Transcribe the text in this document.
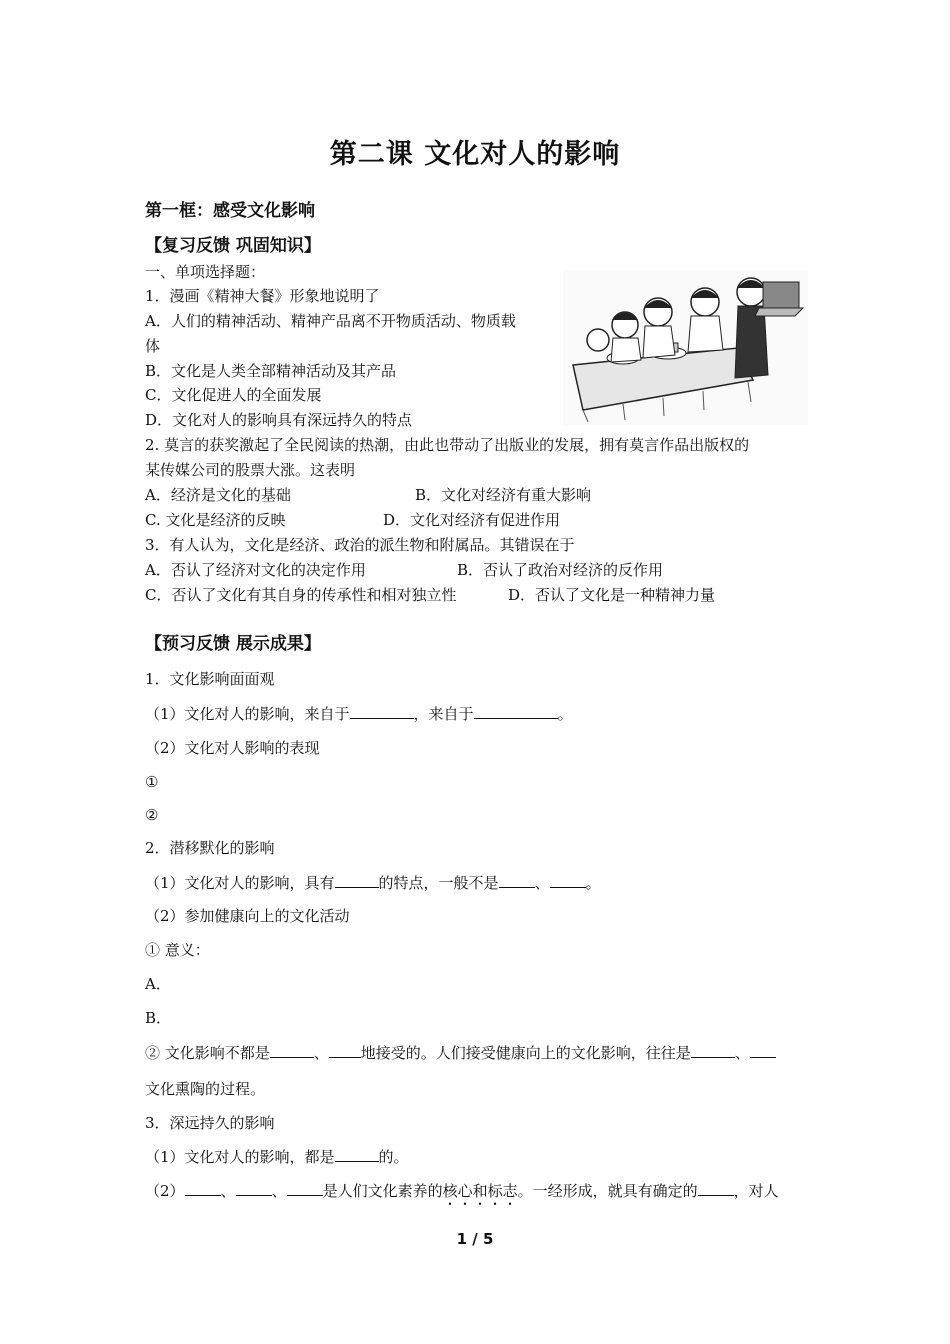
第二课 文化对人的影响
第一框：感受文化影响
【复习反馈 巩固知识】
一、单项选择题：
1．漫画《精神大餐》形象地说明了
A．人们的精神活动、精神产品离不开物质活动、物质载
体
B．文化是人类全部精神活动及其产品
C．文化促进人的全面发展
D．文化对人的影响具有深远持久的特点
2. 莫言的获奖激起了全民阅读的热潮，由此也带动了出版业的发展，拥有莫言作品出版权的
某传媒公司的股票大涨。这表明
A．经济是文化的基础	B．文化对经济有重大影响
C. 文化是经济的反映	D．文化对经济有促进作用
3．有人认为，文化是经济、政治的派生物和附属品。其错误在于
A．否认了经济对文化的决定作用	B．否认了政治对经济的反作用
C．否认了文化有其自身的传承性和相对独立性	D．否认了文化是一种精神力量
【预习反馈 展示成果】
1．文化影响面面观
（1）文化对人的影响，来自于	，来自于	。
（2）文化对人影响的表现
①
②
2．潜移默化的影响
（1）文化对人的影响，具有	的特点，一般不是 、 。
（2）参加健康向上的文化活动
① 意义：
A．
B．
② 文化影响不都是	、 地接受的。人们接受健康向上的文化影响，往往是	、
文化熏陶的过程。
3．深远持久的影响
（1）文化对人的影响，都是	的。
（2） 、 、 是人们文化素养的核心和标志。一经形成，就具有确定的 ，对人
1 / 5
